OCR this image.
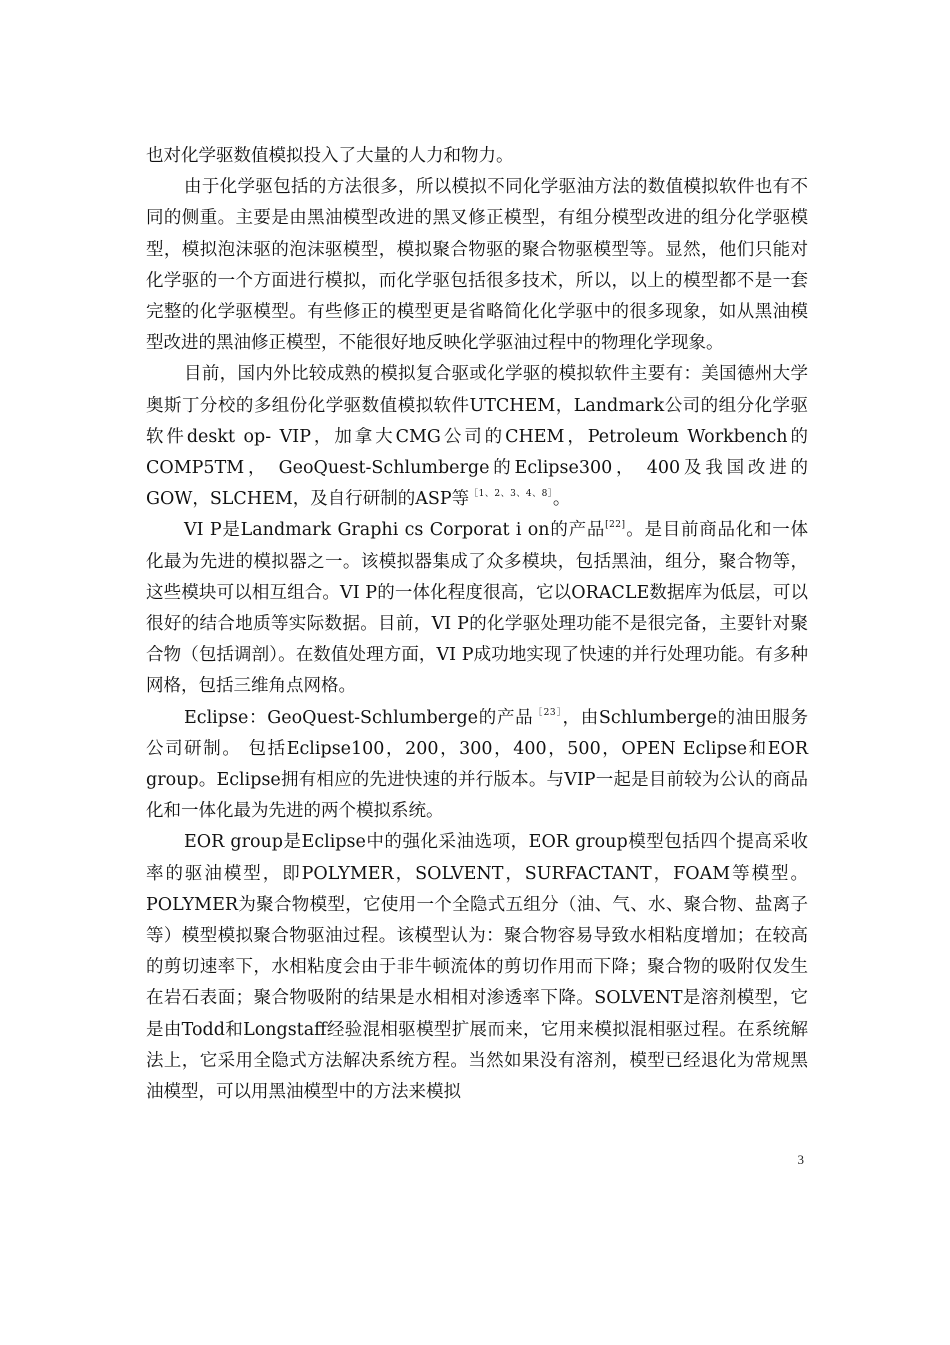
也对化学驱数值模拟投入了大量的人力和物力。

由于化学驱包括的方法很多，所以模拟不同化学驱油方法的数值模拟软件也有不同的侧重。主要是由黑油模型改进的黑叉修正模型，有组分模型改进的组分化学驱模型，模拟泡沫驱的泡沫驱模型，模拟聚合物驱的聚合物驱模型等。显然，他们只能对化学驱的一个方面进行模拟，而化学驱包括很多技术，所以，以上的模型都不是一套完整的化学驱模型。有些修正的模型更是省略简化化学驱中的很多现象，如从黑油模型改进的黑油修正模型，不能很好地反映化学驱油过程中的物理化学现象。

目前，国内外比较成熟的模拟复合驱或化学驱的模拟软件主要有：美国德州大学奥斯丁分校的多组份化学驱数值模拟软件UTCHEM，Landmark公司的组分化学驱软件deskt op- VIP，加拿大CMG公司的CHEM，Petroleum Workbench的COMP5TM， GeoQuest-Schlumberge的Eclipse300， 400及我国改进的GOW，SLCHEM，及自行研制的ASP等$^{[1、2、3、4、8]}$。

VI P是Landmark Graphi cs Corporat i on的产品[22]。是目前商品化和一体化最为先进的模拟器之一。该模拟器集成了众多模块，包括黑油，组分，聚合物等，这些模块可以相互组合。VI P的一体化程度很高，它以ORACLE数据库为低层，可以很好的结合地质等实际数据。目前，VI P的化学驱处理功能不是很完备，主要针对聚合物（包括调剖）。在数值处理方面，VI P成功地实现了快速的并行处理功能。有多种网格，包括三维角点网格。

Eclipse：GeoQuest-Schlumberge的产品$^{[23]}$，由Schlumberge的油田服务公司研制。 包括Eclipse100，200，300，400，500，OPEN Eclipse和EOR group。Eclipse拥有相应的先进快速的并行版本。与VIP一起是目前较为公认的商品化和一体化最为先进的两个模拟系统。

EOR group是Eclipse中的强化采油选项，EOR group模型包括四个提高采收率的驱油模型，即POLYMER，SOLVENT，SURFACTANT，FOAM等模型。POLYMER为聚合物模型，它使用一个全隐式五组分（油、气、水、聚合物、盐离子等）模型模拟聚合物驱油过程。该模型认为：聚合物容易导致水相粘度增加；在较高的剪切速率下，水相粘度会由于非牛顿流体的剪切作用而下降；聚合物的吸附仅发生在岩石表面；聚合物吸附的结果是水相相对渗透率下降。SOLVENT是溶剂模型，它是由Todd和Longstaff经验混相驱模型扩展而来，它用来模拟混相驱过程。在系统解法上，它采用全隐式方法解决系统方程。当然如果没有溶剂，模型已经退化为常规黑油模型，可以用黑油模型中的方法来模拟

3
